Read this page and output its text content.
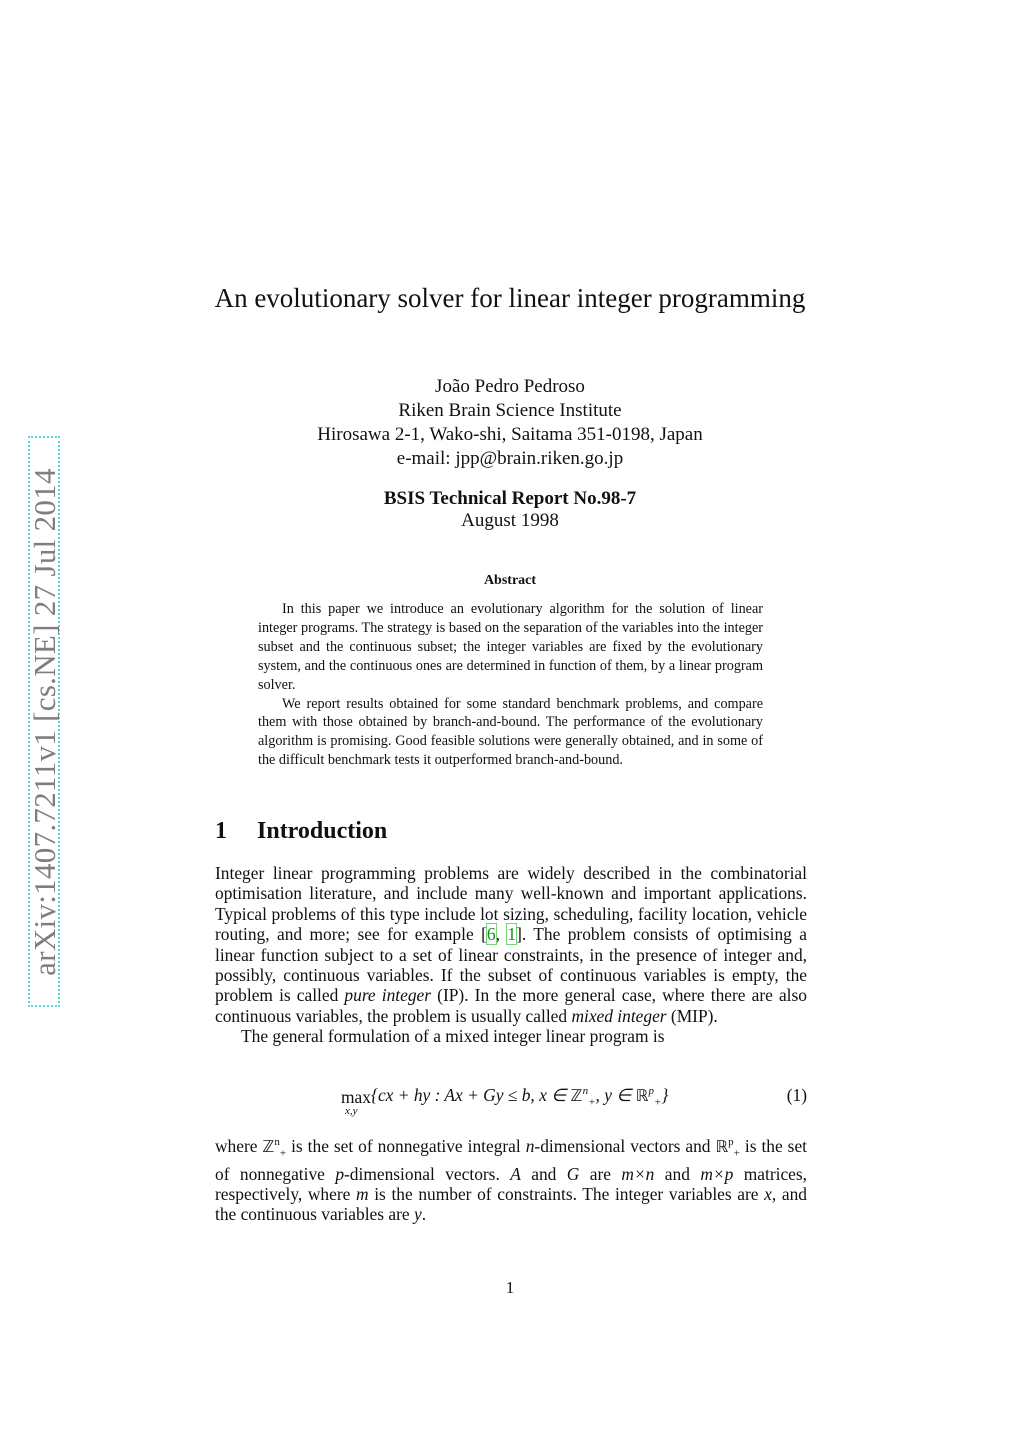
arXiv:1407.7211v1 [cs.NE] 27 Jul 2014
An evolutionary solver for linear integer programming
João Pedro Pedroso
Riken Brain Science Institute
Hirosawa 2-1, Wako-shi, Saitama 351-0198, Japan
e-mail: jpp@brain.riken.go.jp
BSIS Technical Report No.98-7
August 1998
Abstract

In this paper we introduce an evolutionary algorithm for the solution of linear integer programs. The strategy is based on the separation of the variables into the integer subset and the continuous subset; the integer variables are fixed by the evolutionary system, and the continuous ones are determined in function of them, by a linear program solver.

We report results obtained for some standard benchmark problems, and compare them with those obtained by branch-and-bound. The performance of the evolutionary algorithm is promising. Good feasible solutions were generally obtained, and in some of the difficult benchmark tests it outperformed branch-and-bound.

1 Introduction

Integer linear programming problems are widely described in the combinatorial optimisation literature, and include many well-known and important applications. Typical problems of this type include lot sizing, scheduling, facility location, vehicle routing, and more; see for example [6, 1]. The problem consists of optimising a linear function subject to a set of linear constraints, in the presence of integer and, possibly, continuous variables. If the subset of continuous variables is empty, the problem is called pure integer (IP). In the more general case, where there are also continuous variables, the problem is usually called mixed integer (MIP).

The general formulation of a mixed integer linear program is

max
x,y
{cx + hy : Ax + Gy ≤ b, x ∈ ℤ$^n_+$, y ∈ ℝ$^p_+$}	(1)

where ℤ$^n_+$ is the set of nonnegative integral n-dimensional vectors and ℝ$^p_+$ is the set of nonnegative p-dimensional vectors. A and G are m×n and m×p matrices, respectively, where m is the number of constraints. The integer variables are x, and the continuous variables are y.

1
